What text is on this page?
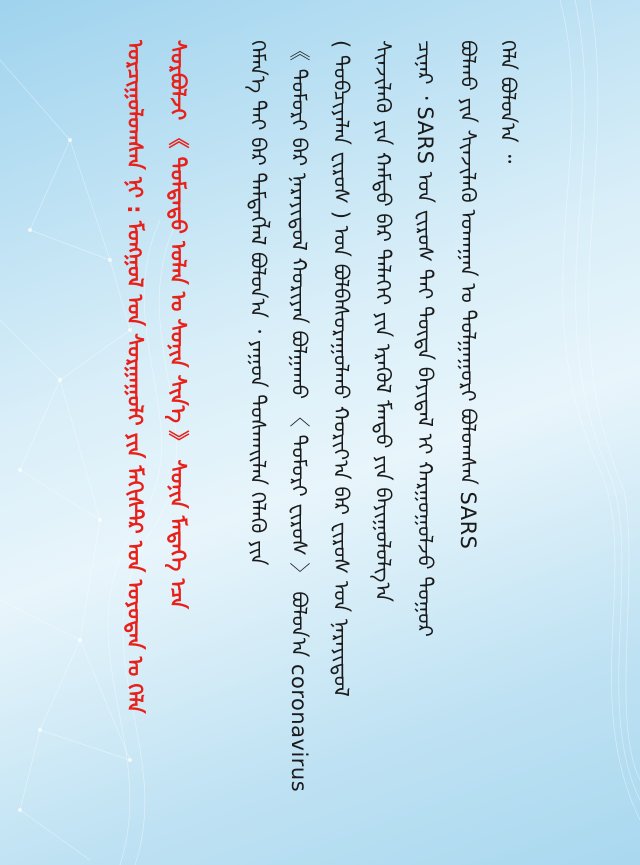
ᠬᠡᠯᠡ ᠪᠣᠯᠤᠨ᠎ᠠ ᠃
ᠪᠣᠯᠬᠣ ᠶᠢᠨ ᠰᠢᠨᠵᠢᠯᠡᠬᠦ ᠤᠬᠠᠭᠠᠨ ᠤ ᠲᠤᠯᠭᠠᠭᠤᠷᠢ ᠪᠣᠯᠤᠭᠰᠠᠨ SARS
ᠴᠢᠨᠠᠷ ᠂ SARS ᠤᠨ ᠸᠢᠷᠦᠰ ᠲᠡᠢ ᠳᠥᠲᠡ ᠪᠠᠶᠢᠳᠠᠯ ᠢ ᠬᠠᠷᠭᠤᠭᠤᠯᠵᠤ ᠲᠤᠭᠤᠷ
ᠰᠢᠨᠵᠢᠯᠡᠬᠦ ᠶᠢᠨ ᠬᠠᠮᠲᠤ ᠪᠡᠷ ᠳᠡᠯᠡᠬᠡᠢ ᠶᠢᠨ ᠡᠷᠡᠭᠦᠯ ᠮᠡᠨᠳᠦ ᠶᠢᠨ ᠪᠠᠶᠢᠭᠤᠯᠤᠯᠭ᠎ᠠ
( ᠲᠣᠪᠴᠢᠶᠠᠯᠠᠨ ᠸᠢᠷᠦᠰ ) ᠤᠨ ᠪᠣᠯᠪᠠᠰᠤᠷᠠᠭᠤᠯᠬᠤ ᠬᠣᠷᠢᠶ᠎ᠠ ᠪᠠᠷ ᠸᠢᠷᠦᠰ ᠤᠨ ᠨᠡᠷᠡᠶᠢᠳᠦᠯ
《 ᠲᠤᠮᠤᠷᠢ ᠪᠠᠷ ᠨᠡᠷᠡᠶᠢᠳᠦᠯ ᠬᠣᠷᠢᠶᠠᠨ ᠪᠣᠯᠭᠠᠬᠤ 〈 ᠲᠤᠮᠤᠷᠢ ᠸᠢᠷᠦᠰ 〉 ᠪᠣᠯᠤᠨ᠎ᠠ coronavirus
ᠬᠡᠮᠡᠨ᠎ᠡ ᠲᠡᠢ ᠪᠠᠷ ᠲᠡᠮᠳᠡᠭᠯᠡᠯ ᠪᠣᠯᠤᠨ᠎ᠠ ᠂ ᠶᠠᠭᠤᠨ ᠲᠤᠰᠬᠠᠢᠯᠠᠨ ᠬᠡᠯᠡᠬᠦ ᠶᠢᠨ
ᠰᠤᠷᠪᠤᠯᠵᠢ 《 ᠳᠤᠮᠳᠠᠳᠤ ᠣᠯᠠᠨ ᠤ ᠰᠣᠨᠢᠨ ᠰᠢᠨ᠎ᠡ 》 ᠰᠣᠨᠢᠨ ᠮᠡᠳᠡᠭᠡ ᠡᠴᠡ
ᠣᠷᠴᠢᠭᠤᠯᠤᠭᠰᠠᠨ ᠨᠢ : ᠮᠣᠩᠭᠣᠯ ᠤᠨ ᠰᠤᠷᠭᠠᠭᠤᠯᠢ ᠶᠢᠨ ᠮᠠᠭᠢᠰᠲ᠋ᠷ ᠤᠨ ᠣᠶᠤᠲᠠᠨ ᠤ ᠬᠡᠯᠡ
